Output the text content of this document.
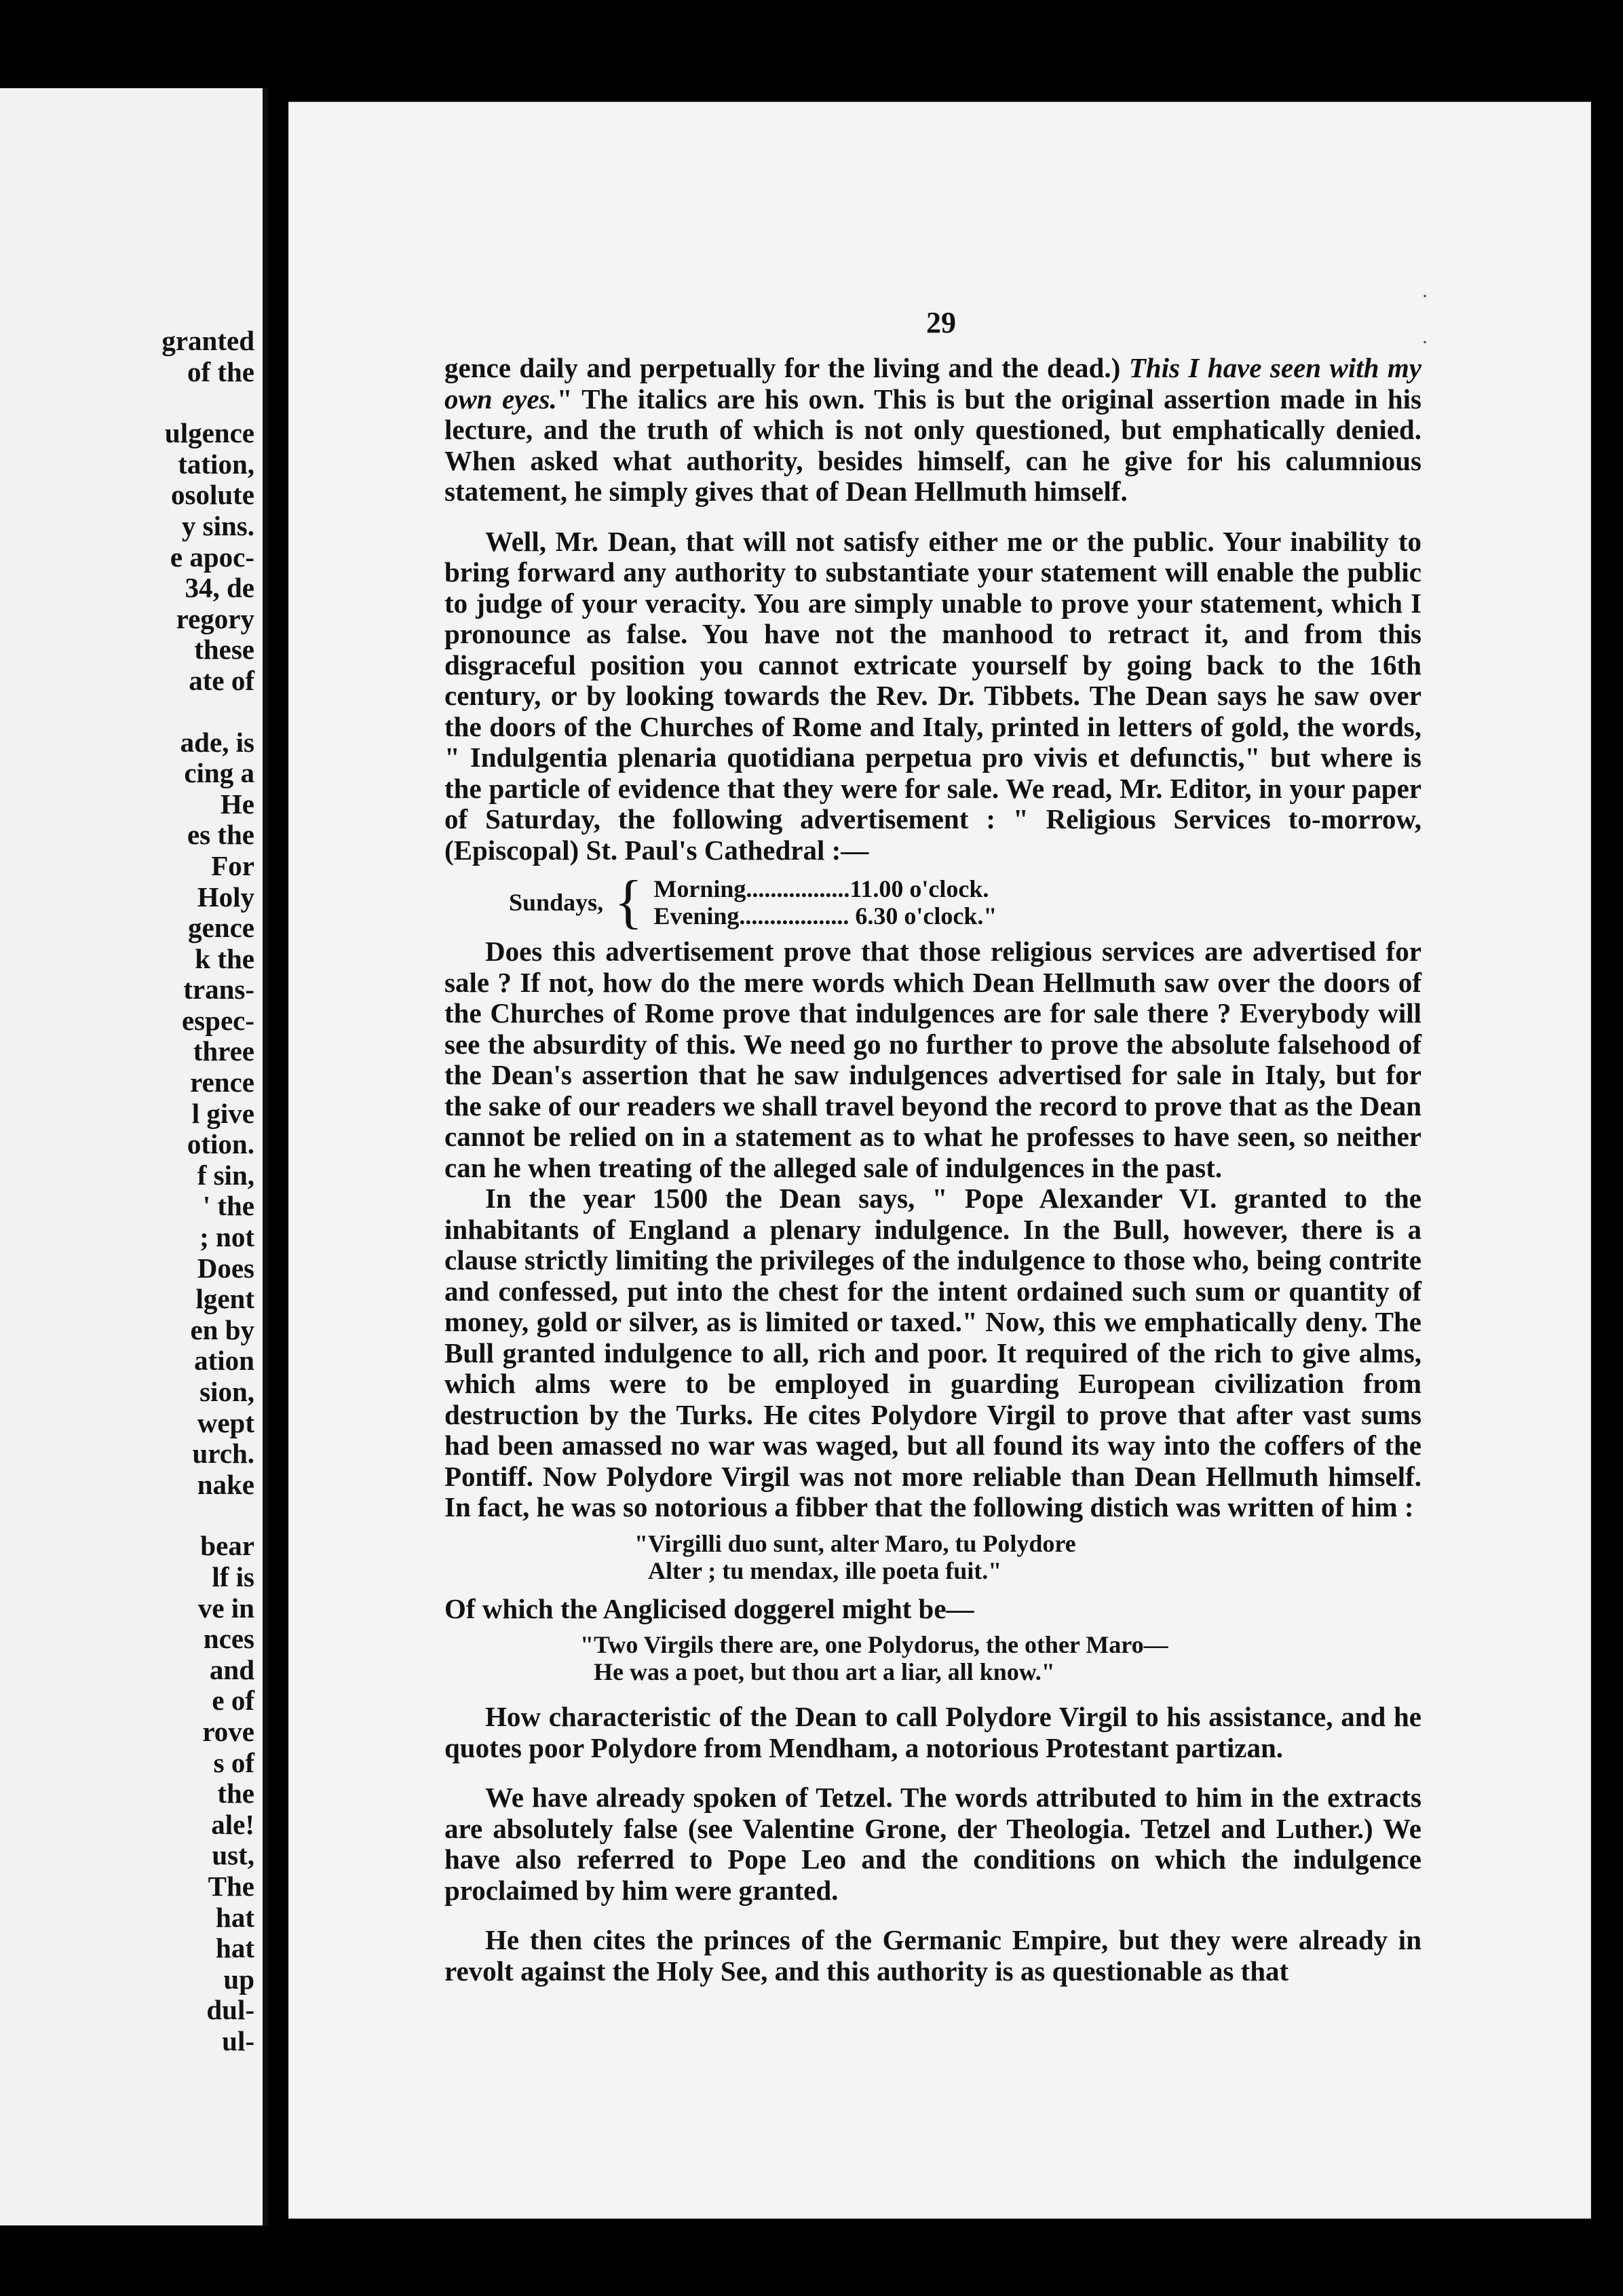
granted
of the
ulgence
tation,
osolute
y sins.
e apoc-
34, de
regory
these
ate of
ade, is
cing a
He
es the
For
Holy
gence
k the
trans-
espec-
three
rence
l give
otion.
f sin,
' the
; not
Does
lgent
en by
ation
sion,
wept
urch.
nake
bear
lf is
ve in
nces
and
e of
rove
s of
the
ale!
ust,
The
hat
hat
up
dul-
ul-
·

·
29

gence daily and perpetually for the living and the dead.) This I have seen with my own eyes." The italics are his own. This is but the original assertion made in his lecture, and the truth of which is not only questioned, but emphatically denied. When asked what authority, besides himself, can he give for his calumnious statement, he simply gives that of Dean Hellmuth himself.

Well, Mr. Dean, that will not satisfy either me or the public. Your inability to bring forward any authority to substantiate your statement will enable the public to judge of your veracity. You are simply unable to prove your statement, which I pronounce as false. You have not the manhood to retract it, and from this disgraceful position you cannot extricate yourself by going back to the 16th century, or by looking towards the Rev. Dr. Tibbets. The Dean says he saw over the doors of the Churches of Rome and Italy, printed in letters of gold, the words, " Indulgentia plenaria quotidiana perpetua pro vivis et defunctis," but where is the particle of evidence that they were for sale. We read, Mr. Editor, in your paper of Saturday, the following advertisement : " Religious Services to-morrow, (Episcopal) St. Paul's Cathedral :—

Sundays, { Morning.................11.00 o'clock.
Evening.................. 6.30 o'clock."

Does this advertisement prove that those religious services are advertised for sale ? If not, how do the mere words which Dean Hellmuth saw over the doors of the Churches of Rome prove that indulgences are for sale there ? Everybody will see the absurdity of this. We need go no further to prove the absolute falsehood of the Dean's assertion that he saw indulgences advertised for sale in Italy, but for the sake of our readers we shall travel beyond the record to prove that as the Dean cannot be relied on in a statement as to what he professes to have seen, so neither can he when treating of the alleged sale of indulgences in the past.

In the year 1500 the Dean says, " Pope Alexander VI. granted to the inhabitants of England a plenary indulgence. In the Bull, however, there is a clause strictly limiting the privileges of the indulgence to those who, being contrite and confessed, put into the chest for the intent ordained such sum or quantity of money, gold or silver, as is limited or taxed." Now, this we emphatically deny. The Bull granted indulgence to all, rich and poor. It required of the rich to give alms, which alms were to be employed in guarding European civilization from destruction by the Turks. He cites Polydore Virgil to prove that after vast sums had been amassed no war was waged, but all found its way into the coffers of the Pontiff. Now Polydore Virgil was not more reliable than Dean Hellmuth himself. In fact, he was so notorious a fibber that the following distich was written of him :

"Virgilli duo sunt, alter Maro, tu Polydore
Alter ; tu mendax, ille poeta fuit."

Of which the Anglicised doggerel might be—

"Two Virgils there are, one Polydorus, the other Maro—
He was a poet, but thou art a liar, all know."

How characteristic of the Dean to call Polydore Virgil to his assistance, and he quotes poor Polydore from Mendham, a notorious Protestant partizan.

We have already spoken of Tetzel. The words attributed to him in the extracts are absolutely false (see Valentine Grone, der Theologia. Tetzel and Luther.) We have also referred to Pope Leo and the conditions on which the indulgence proclaimed by him were granted.

He then cites the princes of the Germanic Empire, but they were already in revolt against the Holy See, and this authority is as questionable as that
